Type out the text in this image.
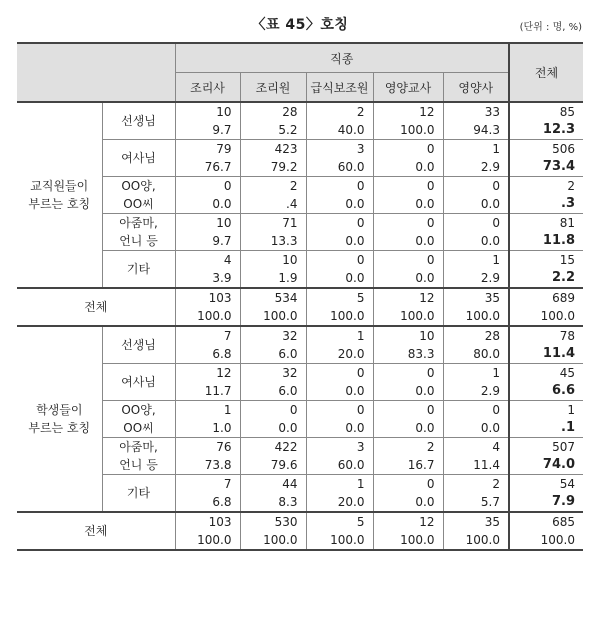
〈표 45〉호칭	(단위 : 명, %)
		직종					전체
		조리사	조리원	급식보조원	영양교사	영양사	

교직원들이
부르는 호칭	선생님	10	28	2	12	33	85
		9.7	5.2	40.0	100.0	94.3	12.3

	여사님	79	423	3	0	1	506
		76.7	79.2	60.0	0.0	2.9	73.4

	OO양,
OO씨	0	2	0	0	0	2
		0.0	.4	0.0	0.0	0.0	.3

	아줌마,
언니 등	10	71	0	0	0	81
		9.7	13.3	0.0	0.0	0.0	11.8

	기타	4	10	0	0	1	15
		3.9	1.9	0.0	0.0	2.9	2.2
전체		103	534	5	12	35	689
		100.0	100.0	100.0	100.0	100.0	100.0

학생들이
부르는 호칭	선생님	7	32	1	10	28	78
		6.8	6.0	20.0	83.3	80.0	11.4

	여사님	12	32	0	0	1	45
		11.7	6.0	0.0	0.0	2.9	6.6

	OO양,
OO씨	1	0	0	0	0	1
		1.0	0.0	0.0	0.0	0.0	.1

	아줌마,
언니 등	76	422	3	2	4	507
		73.8	79.6	60.0	16.7	11.4	74.0

	기타	7	44	1	0	2	54
		6.8	8.3	20.0	0.0	5.7	7.9
전체		103	530	5	12	35	685
		100.0	100.0	100.0	100.0	100.0	100.0
